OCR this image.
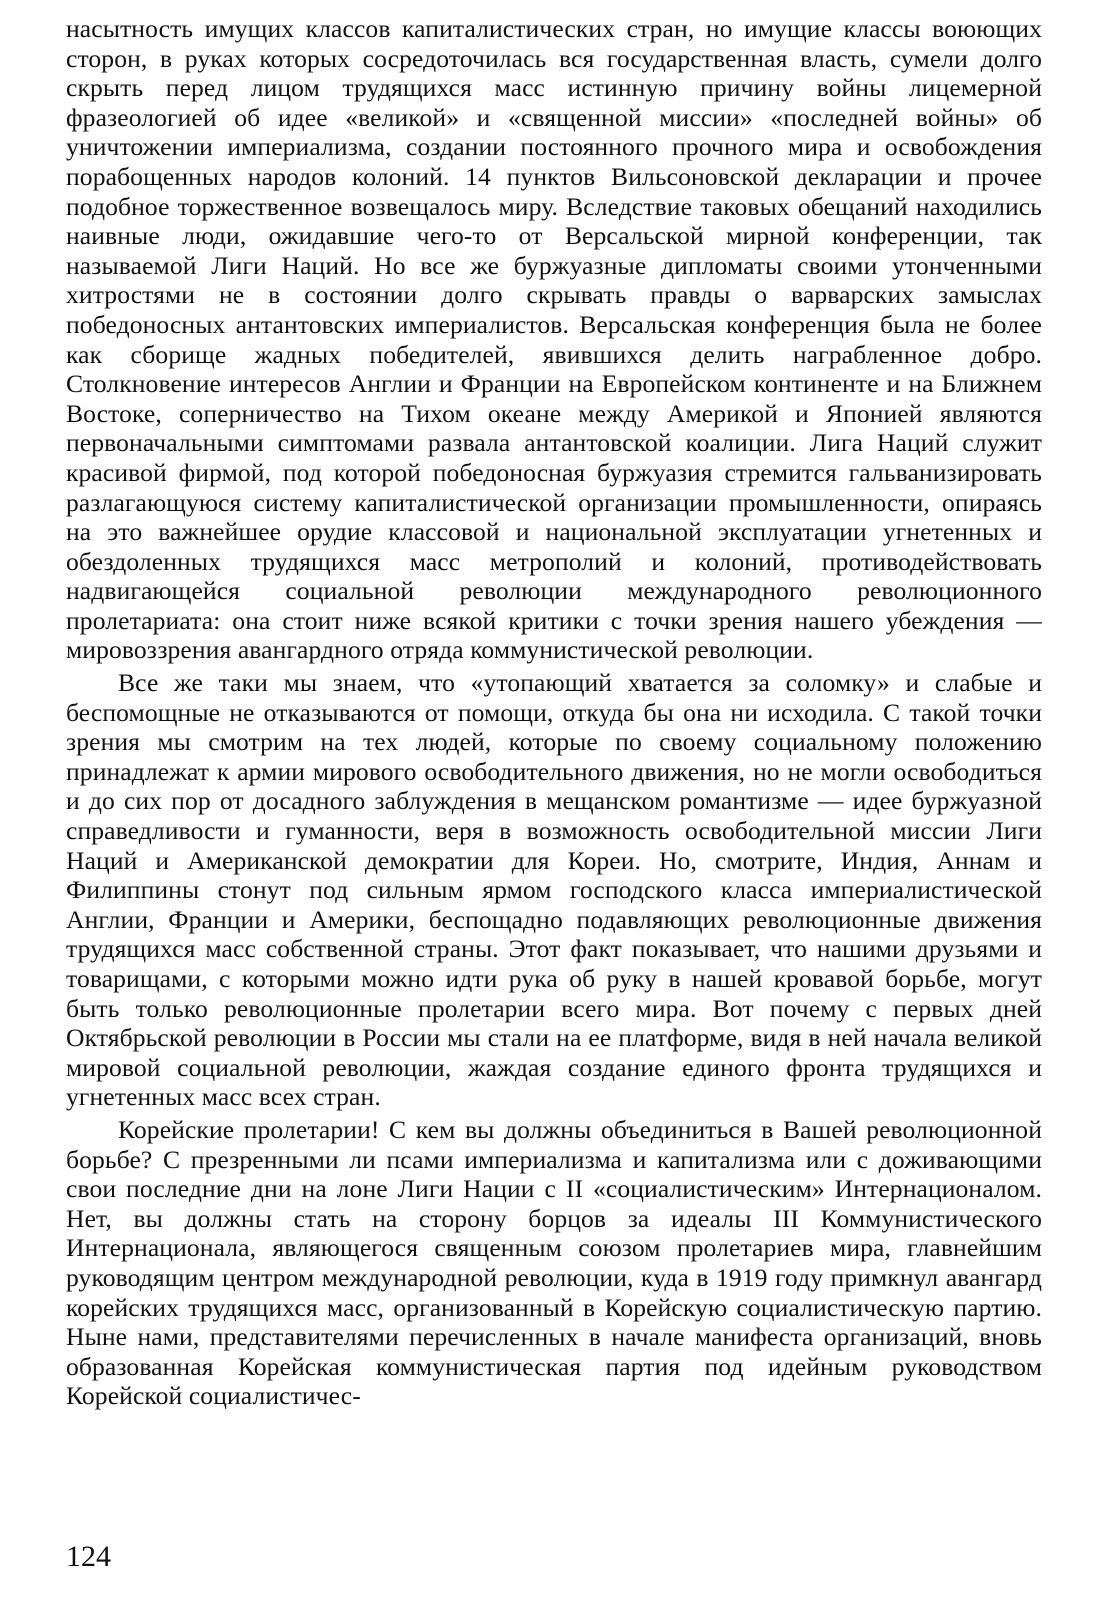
насытность имущих классов капиталистических стран, но имущие классы воюющих сторон, в руках которых сосредоточилась вся государственная власть, сумели долго скрыть перед лицом трудящихся масс истинную причину войны лицемерной фразеологией об идее «великой» и «священной миссии» «последней войны» об уничтожении империализма, создании постоянного прочного мира и освобождения порабощенных народов колоний. 14 пунктов Вильсоновской декларации и прочее подобное торжественное возвещалось миру. Вследствие таковых обещаний находились наивные люди, ожидавшие чего-то от Версальской мирной конференции, так называемой Лиги Наций. Но все же буржуазные дипломаты своими утонченными хитростями не в состоянии долго скрывать правды о варварских замыслах победоносных антантовских империалистов. Версальская конференция была не более как сборище жадных победителей, явившихся делить награбленное добро. Столкновение интересов Англии и Франции на Европейском континенте и на Ближнем Востоке, соперничество на Тихом океане между Америкой и Японией являются первоначальными симптомами развала антантовской коалиции. Лига Наций служит красивой фирмой, под которой победоносная буржуазия стремится гальванизировать разлагающуюся систему капиталистической организации промышленности, опираясь на это важнейшее орудие классовой и национальной эксплуатации угнетенных и обездоленных трудящихся масс метрополий и колоний, противодействовать надвигающейся социальной революции международного революционного пролетариата: она стоит ниже всякой критики с точки зрения нашего убеждения — мировоззрения авангардного отряда коммунистической революции.

Все же таки мы знаем, что «утопающий хватается за соломку» и слабые и беспомощные не отказываются от помощи, откуда бы она ни исходила. С такой точки зрения мы смотрим на тех людей, которые по своему социальному положению принадлежат к армии мирового освободительного движения, но не могли освободиться и до сих пор от досадного заблуждения в мещанском романтизме — идее буржуазной справедливости и гуманности, веря в возможность освободительной миссии Лиги Наций и Американской демократии для Кореи. Но, смотрите, Индия, Аннам и Филиппины стонут под сильным ярмом господского класса империалистической Англии, Франции и Америки, беспощадно подавляющих революционные движения трудящихся масс собственной страны. Этот факт показывает, что нашими друзьями и товарищами, с которыми можно идти рука об руку в нашей кровавой борьбе, могут быть только революционные пролетарии всего мира. Вот почему с первых дней Октябрьской революции в России мы стали на ее платформе, видя в ней начала великой мировой социальной революции, жаждая создание единого фронта трудящихся и угнетенных масс всех стран.

Корейские пролетарии! С кем вы должны объединиться в Вашей революционной борьбе? С презренными ли псами империализма и капитализма или с доживающими свои последние дни на лоне Лиги Нации с II «социалистическим» Интернационалом. Нет, вы должны стать на сторону борцов за идеалы III Коммунистического Интернационала, являющегося священным союзом пролетариев мира, главнейшим руководящим центром международной революции, куда в 1919 году примкнул авангард корейских трудящихся масс, организованный в Корейскую социалистическую партию. Ныне нами, представителями перечисленных в начале манифеста организаций, вновь образованная Корейская коммунистическая партия под идейным руководством Корейской социалистичес-

124
